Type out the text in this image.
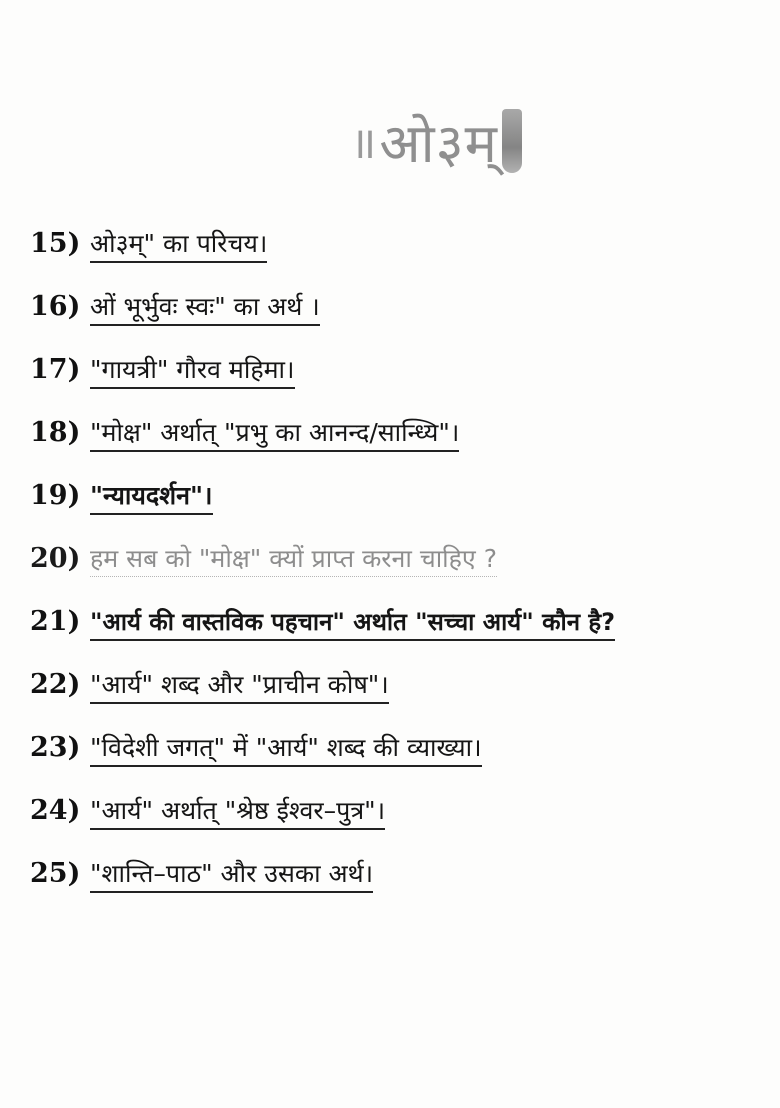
॥ ओ३म्
15) ओ३म्" का परिचय।
16) ओं भूर्भुवः स्वः" का अर्थ ।
17) "गायत्री" गौरव महिमा।
18) "मोक्ष" अर्थात् "प्रभु का आनन्द/सान्ध्यि"।
19) "न्यायदर्शन"।
20) हम सब को "मोक्ष" क्यों प्राप्त करना चाहिए ?
21) "आर्य की वास्तविक पहचान" अर्थात "सच्चा आर्य" कौन है?
22) "आर्य" शब्द और "प्राचीन कोष"।
23) "विदेशी जगत्" में "आर्य" शब्द की व्याख्या।
24) "आर्य" अर्थात् "श्रेष्ठ ईश्वर–पुत्र"।
25) "शान्ति–पाठ" और उसका अर्थ।
